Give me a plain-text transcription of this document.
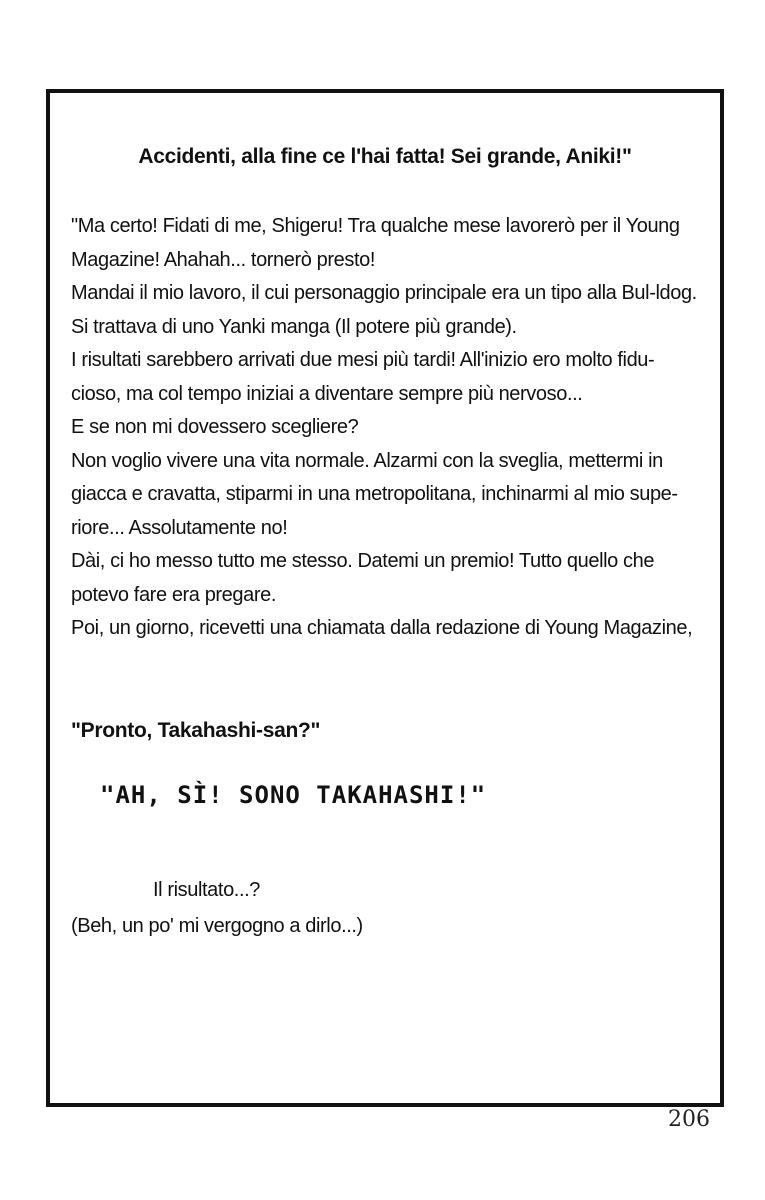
Accidenti, alla fine ce l'hai fatta! Sei grande, Aniki!"

"Ma certo! Fidati di me, Shigeru! Tra qualche mese lavorerò per il Young Magazine! Ahahah... tornerò presto!

Mandai il mio lavoro, il cui personaggio principale era un tipo alla Bul-ldog. Si trattava di uno Yanki manga (Il potere più grande).

I risultati sarebbero arrivati due mesi più tardi! All'inizio ero molto fidu-cioso, ma col tempo iniziai a diventare sempre più nervoso...

E se non mi dovessero scegliere?

Non voglio vivere una vita normale. Alzarmi con la sveglia, mettermi in giacca e cravatta, stiparmi in una metropolitana, inchinarmi al mio supe-riore... Assolutamente no!

Dài, ci ho messo tutto me stesso. Datemi un premio! Tutto quello che potevo fare era pregare.

Poi, un giorno, ricevetti una chiamata dalla redazione di Young Magazine,

"Pronto, Takahashi-san?"
"AH, SÌ! SONO TAKAHASHI!"
Il risultato...?
(Beh, un po' mi vergogno a dirlo...)
206
